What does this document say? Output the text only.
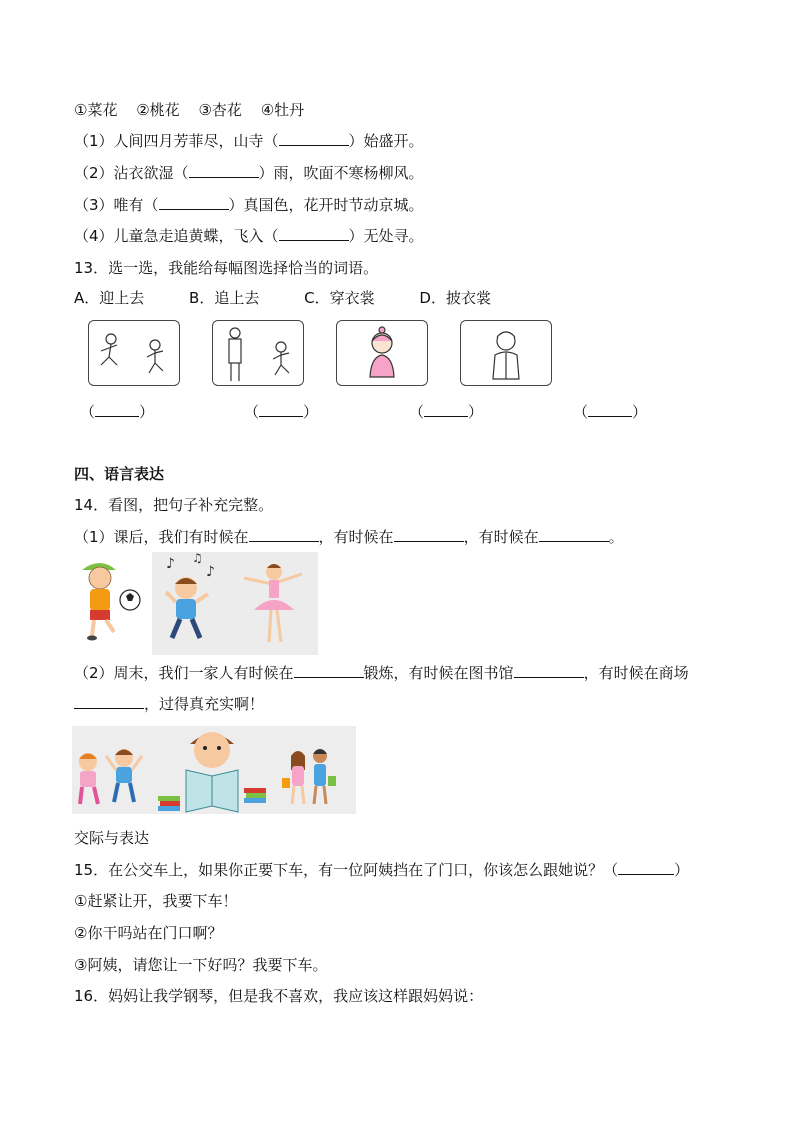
①菜花 ②桃花 ③杏花 ④牡丹
（1）人间四月芳菲尽，山寺（	）始盛开。
（2）沾衣欲湿（	）雨，吹面不寒杨柳风。
（3）唯有（	）真国色，花开时节动京城。
（4）儿童急走追黄蝶，飞入（	）无处寻。
13．选一选，我能给每幅图选择恰当的词语。
A．迎上去	B．追上去	C．穿衣裳	D．披衣裳
（	）	（	）	（	）	（	）
四、语言表达
14．看图，把句子补充完整。
（1）课后，我们有时候在	，有时候在	，有时候在	。
♪ ♫
♪
（2）周末，我们一家人有时候在	锻炼，有时候在图书馆	，有时候在商场
，过得真充实啊！
交际与表达
15．在公交车上，如果你正要下车，有一位阿姨挡在了门口，你该怎么跟她说？（	）
①赶紧让开，我要下车！
②你干吗站在门口啊？
③阿姨，请您让一下好吗？我要下车。
16．妈妈让我学钢琴，但是我不喜欢，我应该这样跟妈妈说：
